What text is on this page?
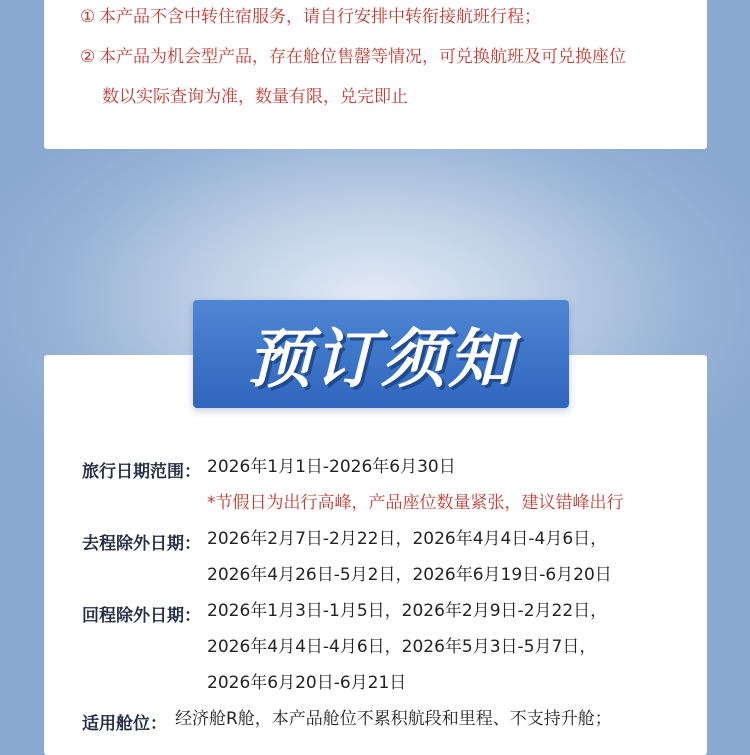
① 本产品不含中转住宿服务，请自行安排中转衔接航班行程；
② 本产品为机会型产品，存在舱位售罄等情况，可兑换航班及可兑换座位
数以实际查询为准，数量有限，兑完即止
预订须知
旅行日期范围： 2026年1月1日-2026年6月30日
*节假日为出行高峰，产品座位数量紧张，建议错峰出行
去程除外日期： 2026年2月7日-2月22日，2026年4月4日-4月6日，
2026年4月26日-5月2日，2026年6月19日-6月20日
回程除外日期： 2026年1月3日-1月5日，2026年2月9日-2月22日，
2026年4月4日-4月6日，2026年5月3日-5月7日，
2026年6月20日-6月21日
适用舱位： 经济舱R舱，本产品舱位不累积航段和里程、不支持升舱；
